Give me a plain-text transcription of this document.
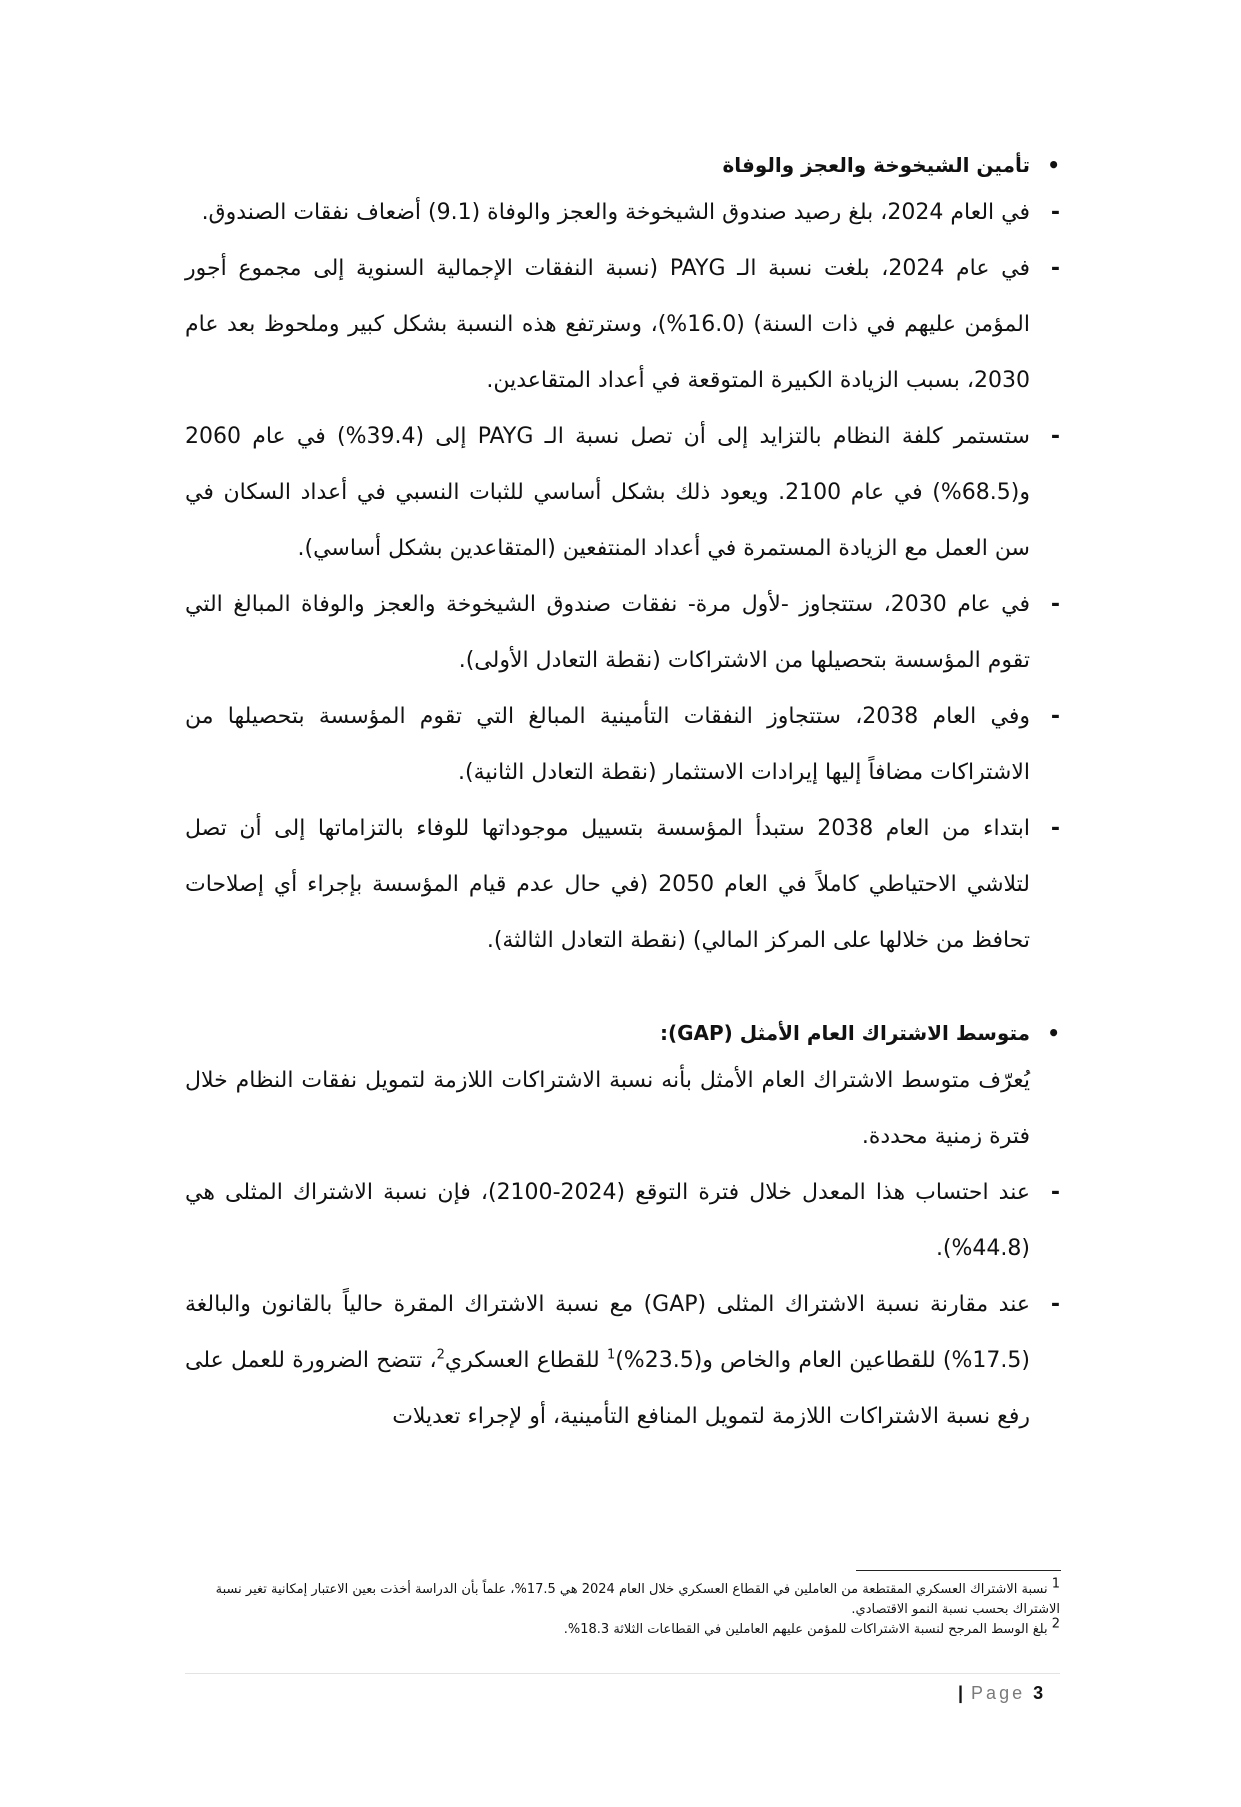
•
تأمين الشيخوخة والعجز والوفاة
-
في العام 2024، بلغ رصيد صندوق الشيخوخة والعجز والوفاة (9.1) أضعاف نفقات الصندوق.
-
في عام 2024، بلغت نسبة الـ PAYG (نسبة النفقات الإجمالية السنوية إلى مجموع أجور المؤمن عليهم في ذات السنة) (16.0%)، وسترتفع هذه النسبة بشكل كبير وملحوظ بعد عام 2030، بسبب الزيادة الكبيرة المتوقعة في أعداد المتقاعدين.
-
ستستمر كلفة النظام بالتزايد إلى أن تصل نسبة الـ PAYG إلى (39.4%) في عام 2060 و(68.5%) في عام 2100. ويعود ذلك بشكل أساسي للثبات النسبي في أعداد السكان في سن العمل مع الزيادة المستمرة في أعداد المنتفعين (المتقاعدين بشكل أساسي).
-
في عام 2030، ستتجاوز -لأول مرة- نفقات صندوق الشيخوخة والعجز والوفاة المبالغ التي تقوم المؤسسة بتحصيلها من الاشتراكات (نقطة التعادل الأولى).
-
وفي العام 2038، ستتجاوز النفقات التأمينية المبالغ التي تقوم المؤسسة بتحصيلها من الاشتراكات مضافاً إليها إيرادات الاستثمار (نقطة التعادل الثانية).
-
ابتداء من العام 2038 ستبدأ المؤسسة بتسييل موجوداتها للوفاء بالتزاماتها إلى أن تصل لتلاشي الاحتياطي كاملاً في العام 2050 (في حال عدم قيام المؤسسة بإجراء أي إصلاحات تحافظ من خلالها على المركز المالي) (نقطة التعادل الثالثة).
•
متوسط الاشتراك العام الأمثل (GAP):

يُعرّف متوسط الاشتراك العام الأمثل بأنه نسبة الاشتراكات اللازمة لتمويل نفقات النظام خلال فترة زمنية محددة.

-
عند احتساب هذا المعدل خلال فترة التوقع (2024-2100)، فإن نسبة الاشتراك المثلى هي (44.8%).
-
عند مقارنة نسبة الاشتراك المثلى (GAP) مع نسبة الاشتراك المقرة حالياً بالقانون والبالغة (17.5%) للقطاعين العام والخاص $و(23.5\%)^1$ للقطاع العسكري$^2$، تتضح الضرورة للعمل على رفع نسبة الاشتراكات اللازمة لتمويل المنافع التأمينية، أو لإجراء تعديلات

$^1$ نسبة الاشتراك العسكري المقتطعة من العاملين في القطاع العسكري خلال العام 2024 هي 17.5%، علماً بأن الدراسة أخذت بعين الاعتبار إمكانية تغير نسبة الاشتراك بحسب نسبة النمو الاقتصادي.

$^2$ بلغ الوسط المرجح لنسبة الاشتراكات للمؤمن عليهم العاملين في القطاعات الثلاثة 18.3%.

| Page 3
